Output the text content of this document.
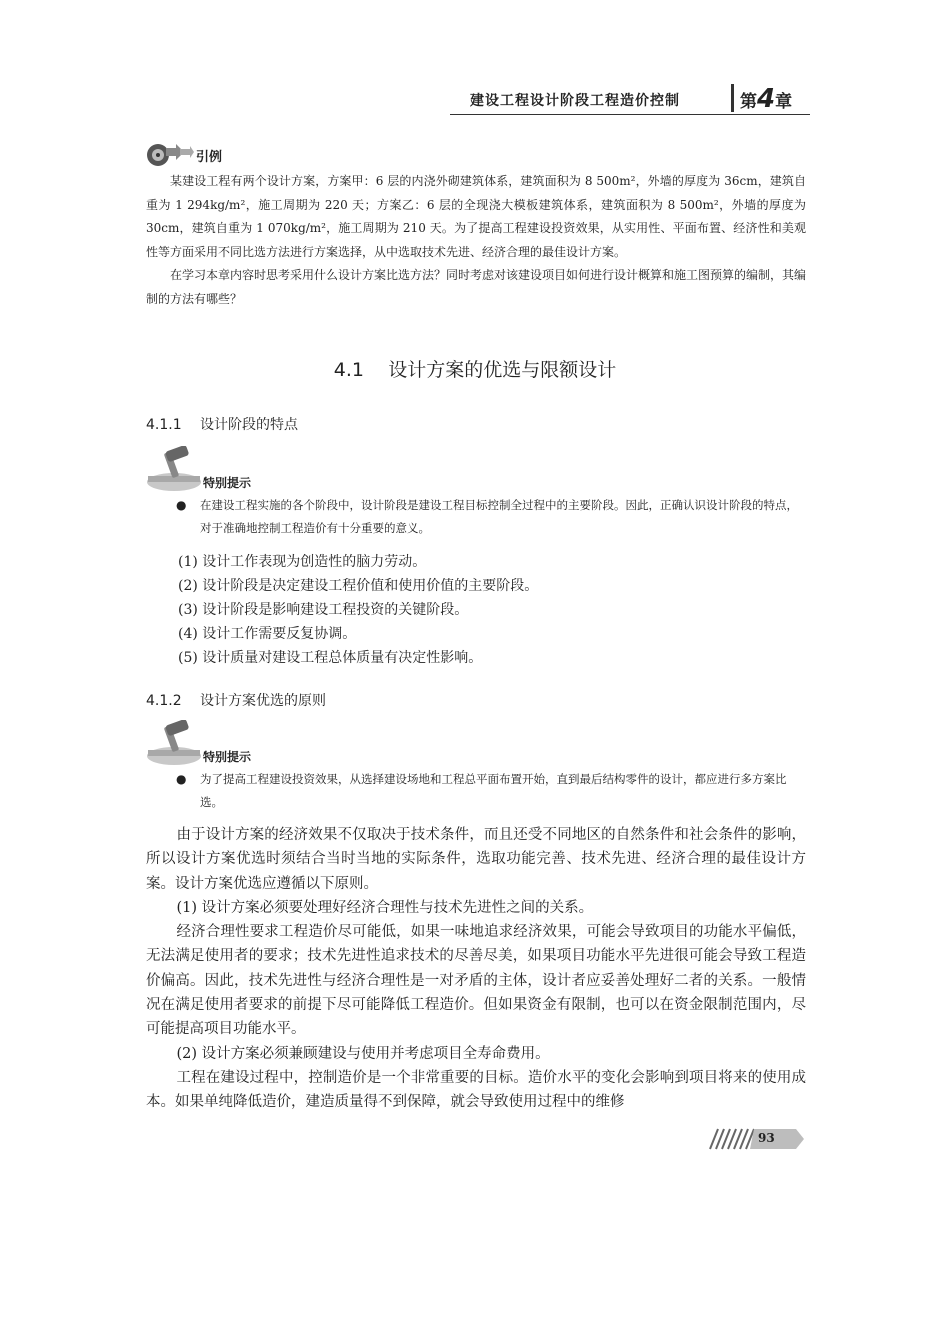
建设工程设计阶段工程造价控制	第4章
引例

某建设工程有两个设计方案，方案甲：6 层的内浇外砌建筑体系，建筑面积为 8 500m²，外墙的厚度为 36cm，建筑自重为 1 294kg/m²，施工周期为 220 天；方案乙：6 层的全现浇大模板建筑体系，建筑面积为 8 500m²，外墙的厚度为 30cm，建筑自重为 1 070kg/m²，施工周期为 210 天。为了提高工程建设投资效果，从实用性、平面布置、经济性和美观性等方面采用不同比选方法进行方案选择，从中选取技术先进、经济合理的最佳设计方案。

在学习本章内容时思考采用什么设计方案比选方法？同时考虑对该建设项目如何进行设计概算和施工图预算的编制，其编制的方法有哪些？

4.1 设计方案的优选与限额设计
4.1.1 设计阶段的特点
特别提示
● 在建设工程实施的各个阶段中，设计阶段是建设工程目标控制全过程中的主要阶段。因此，正确认识设计阶段的特点，对于准确地控制工程造价有十分重要的意义。
(1) 设计工作表现为创造性的脑力劳动。
(2) 设计阶段是决定建设工程价值和使用价值的主要阶段。
(3) 设计阶段是影响建设工程投资的关键阶段。
(4) 设计工作需要反复协调。
(5) 设计质量对建设工程总体质量有决定性影响。
4.1.2 设计方案优选的原则
特别提示
● 为了提高工程建设投资效果，从选择建设场地和工程总平面布置开始，直到最后结构零件的设计，都应进行多方案比选。

由于设计方案的经济效果不仅取决于技术条件，而且还受不同地区的自然条件和社会条件的影响，所以设计方案优选时须结合当时当地的实际条件，选取功能完善、技术先进、经济合理的最佳设计方案。设计方案优选应遵循以下原则。

(1) 设计方案必须要处理好经济合理性与技术先进性之间的关系。

经济合理性要求工程造价尽可能低，如果一味地追求经济效果，可能会导致项目的功能水平偏低，无法满足使用者的要求；技术先进性追求技术的尽善尽美，如果项目功能水平先进很可能会导致工程造价偏高。因此，技术先进性与经济合理性是一对矛盾的主体，设计者应妥善处理好二者的关系。一般情况在满足使用者要求的前提下尽可能降低工程造价。但如果资金有限制，也可以在资金限制范围内，尽可能提高项目功能水平。

(2) 设计方案必须兼顾建设与使用并考虑项目全寿命费用。

工程在建设过程中，控制造价是一个非常重要的目标。造价水平的变化会影响到项目将来的使用成本。如果单纯降低造价，建造质量得不到保障，就会导致使用过程中的维修

93
